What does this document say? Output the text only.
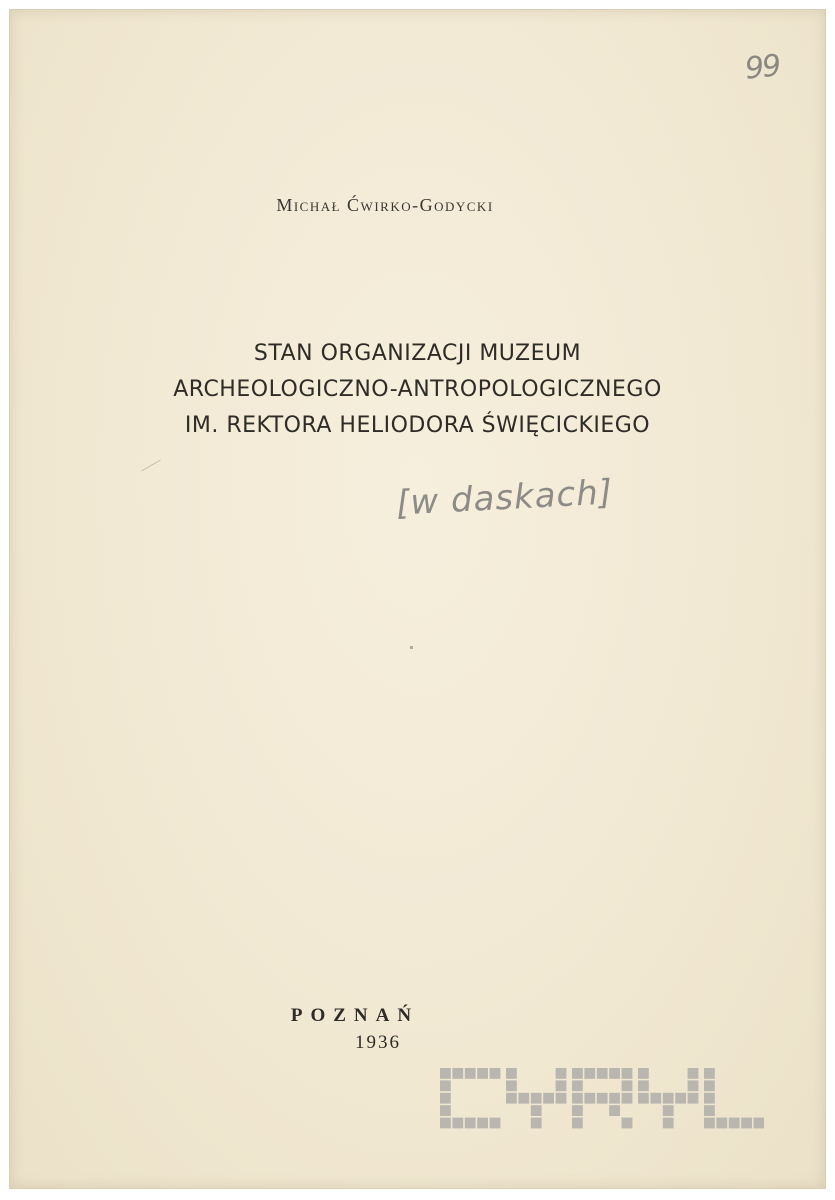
99
Michał Ćwirko-Godycki
STAN ORGANIZACJI MUZEUM
ARCHEOLOGICZNO-ANTROPOLOGICZNEGO
IM. REKTORA HELIODORA ŚWIĘCICKIEGO
[w daskach]
POZNAŃ
1936
